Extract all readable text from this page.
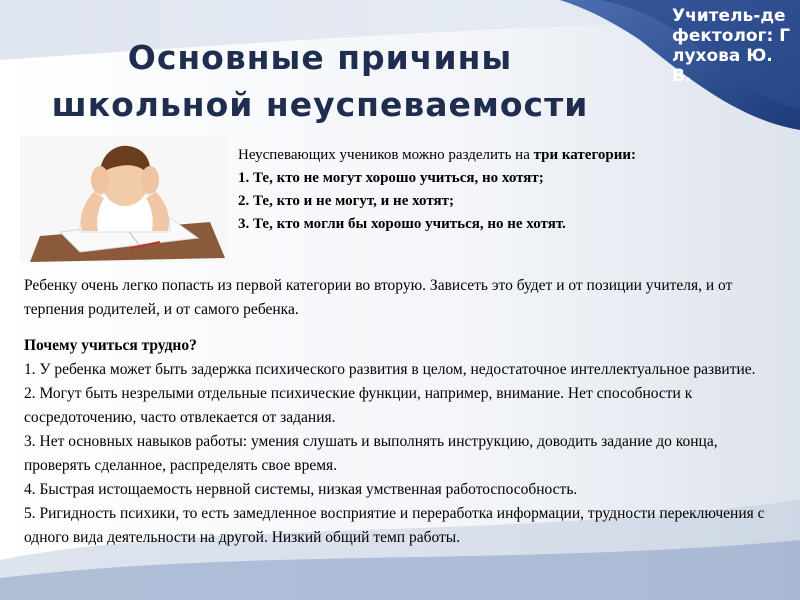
Основные причины
школьной неуспеваемости
Учитель-дефектолог: Глухова Ю. В.
Неуспевающих учеников можно разделить на три категории:
1. Те, кто не могут хорошо учиться, но хотят;
2. Те, кто и не могут, и не хотят;
3. Те, кто могли бы хорошо учиться, но не хотят.
Ребенку очень легко попасть из первой категории во вторую. Зависеть это будет и от позиции учителя, и от терпения родителей, и от самого ребенка.
Почему учиться трудно?
1. У ребенка может быть задержка психического развития в целом, недостаточное интеллектуальное развитие.
2. Могут быть незрелыми отдельные психические функции, например, внимание. Нет способности к сосредоточению, часто отвлекается от задания.
3. Нет основных навыков работы: умения слушать и выполнять инструкцию, доводить задание до конца, проверять сделанное, распределять свое время.
4. Быстрая истощаемость нервной системы, низкая умственная работоспособность.
5. Ригидность психики, то есть замедленное восприятие и переработка информации, трудности переключения с одного вида деятельности на другой. Низкий общий темп работы.
